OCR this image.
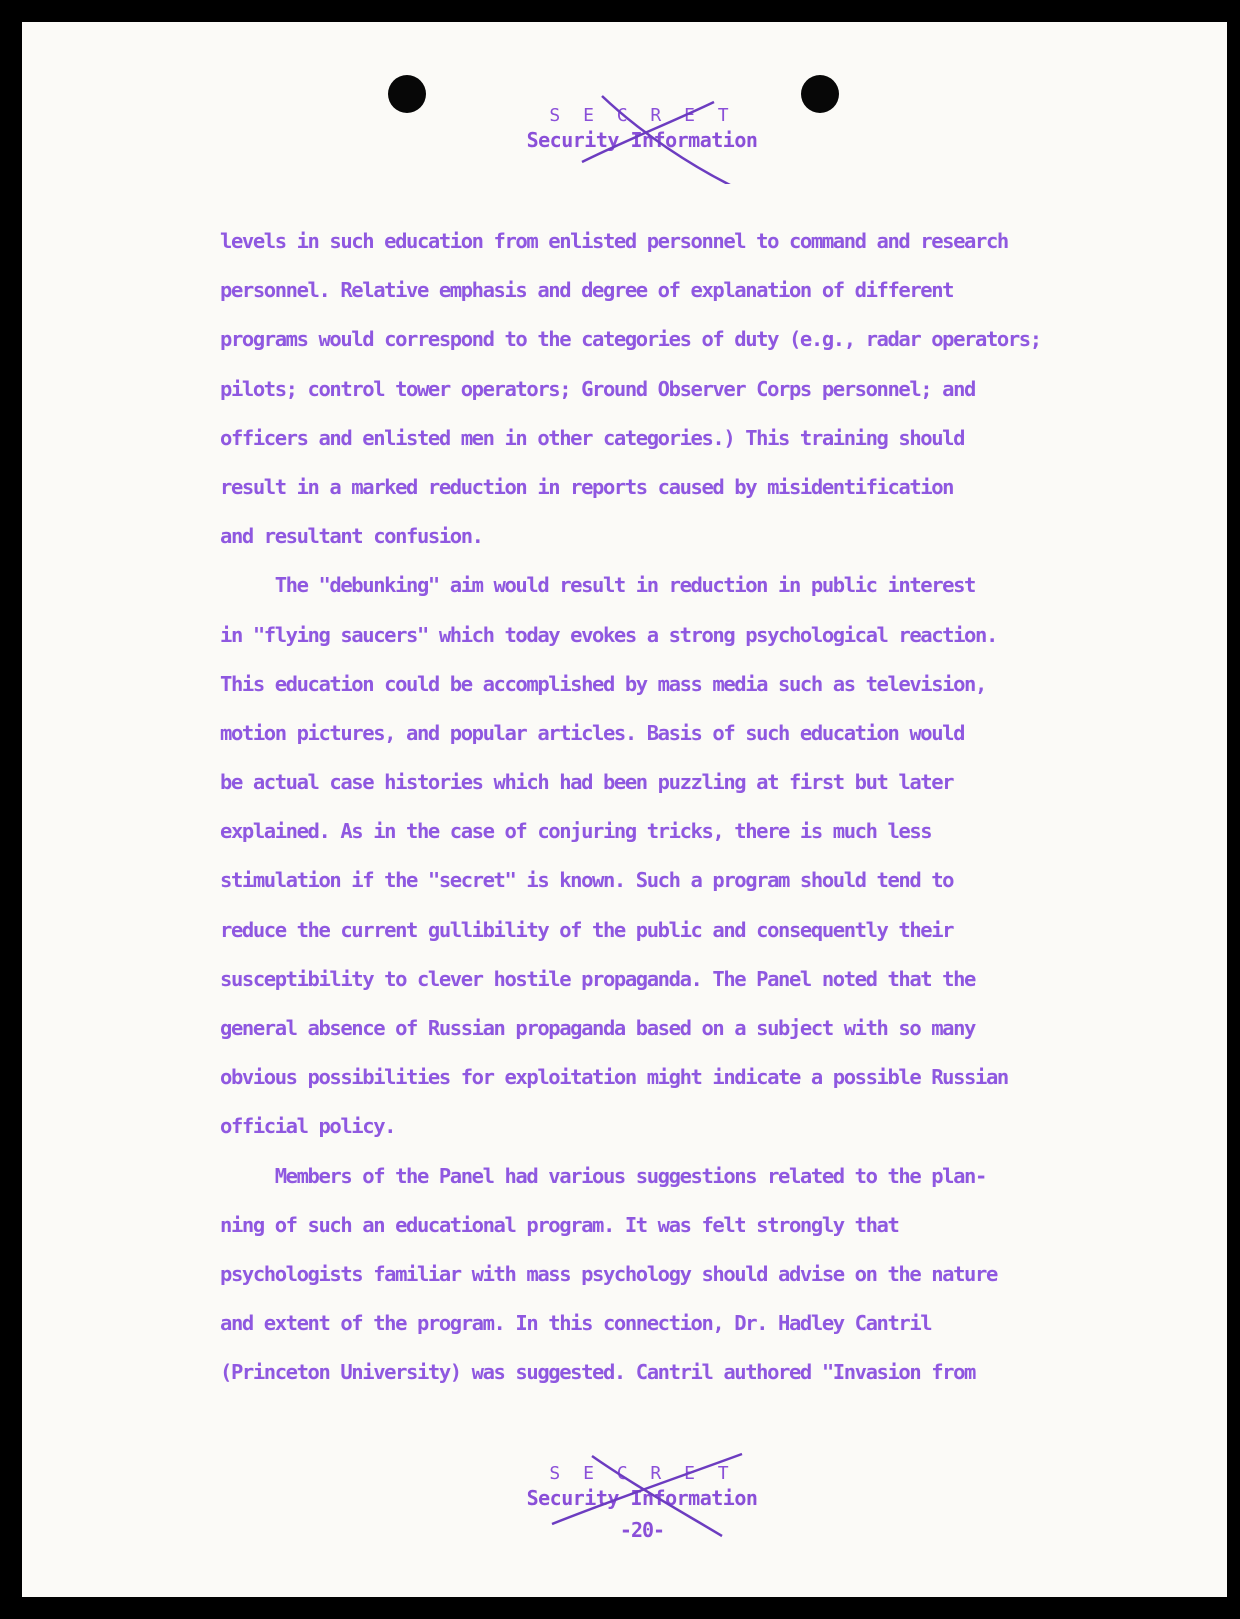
S E C R E T
Security Information
levels in such education from enlisted personnel to command and research
personnel. Relative emphasis and degree of explanation of different
programs would correspond to the categories of duty (e.g., radar operators;
pilots; control tower operators; Ground Observer Corps personnel; and
officers and enlisted men in other categories.) This training should
result in a marked reduction in reports caused by misidentification
and resultant confusion.
The "debunking" aim would result in reduction in public interest
in "flying saucers" which today evokes a strong psychological reaction.
This education could be accomplished by mass media such as television,
motion pictures, and popular articles. Basis of such education would
be actual case histories which had been puzzling at first but later
explained. As in the case of conjuring tricks, there is much less
stimulation if the "secret" is known. Such a program should tend to
reduce the current gullibility of the public and consequently their
susceptibility to clever hostile propaganda. The Panel noted that the
general absence of Russian propaganda based on a subject with so many
obvious possibilities for exploitation might indicate a possible Russian
official policy.
Members of the Panel had various suggestions related to the plan-
ning of such an educational program. It was felt strongly that
psychologists familiar with mass psychology should advise on the nature
and extent of the program. In this connection, Dr. Hadley Cantril
(Princeton University) was suggested. Cantril authored "Invasion from
S E C R E T
Security Information
-20-
